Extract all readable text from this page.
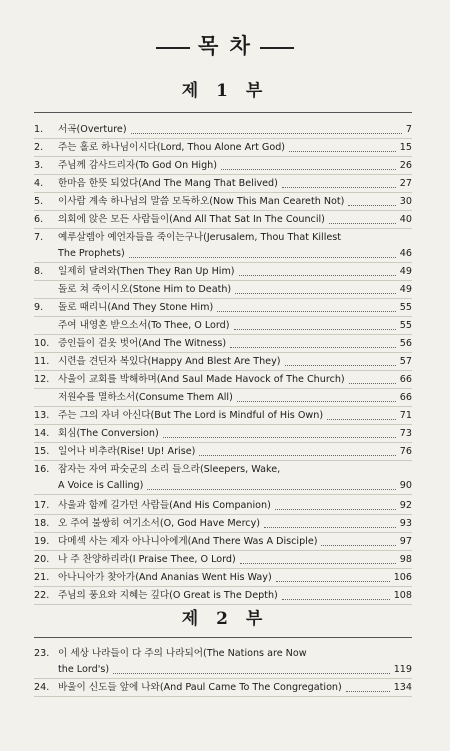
목 차
제 1 부
1.	서곡(Overture)	7
2.	주는 홀로 하나님이시다(Lord, Thou Alone Art God)	15
3.	주님께 감사드리자(To God On High)	26
4.	한마음 한뜻 되었다(And The Mang That Belived)	27
5.	이사람 계속 하나님의 말씀 모독하오(Now This Man Ceareth Not)	30
6.	의회에 앉은 모든 사람들이(And All That Sat In The Council)	40
7.	예루살렘아 예언자들을 죽이는구나(Jerusalem, Thou That Killest
The Prophets)	46
8.	일제히 달려와(Then They Ran Up Him)	49
돌로 쳐 죽이시오(Stone Him to Death)	49
9.	돌로 때리니(And They Stone Him)	55
주여 내영혼 받으소서(To Thee, O Lord)	55
10. 증인들이 겉옷 벗어(And The Witness)	56
11. 시련을 견딘자 복있다(Happy And Blest Are They)	57
12. 사울이 교회를 박해하며(And Saul Made Havock of The Church)	66
저원수를 멸하소서(Consume Them All)	66
13. 주는 그의 자녀 아신다(But The Lord is Mindful of His Own)	71
14. 회심(The Conversion)	73
15. 일어나 비추라(Rise! Up! Arise)	76
16. 잠자는 자여 파숫군의 소리 들으라(Sleepers, Wake,
A Voice is Calling)	90
17. 사울과 함께 길가던 사람들(And His Companion)	92
18. 오 주여 불쌍히 여기소서(O, God Have Mercy)	93
19. 다메섹 사는 제자 아나니아에게(And There Was A Disciple)	97
20. 나 주 찬양하리라(I Praise Thee, O Lord)	98
21. 아나니아가 찾아가(And Ananias Went His Way)	106
22. 주님의 풍요와 지혜는 깊다(O Great is The Depth)	108
제 2 부
23. 이 세상 나라들이 다 주의 나라되어(The Nations are Now
the Lord's)	119
24. 바울이 신도들 앞에 나와(And Paul Came To The Congregation)	134
